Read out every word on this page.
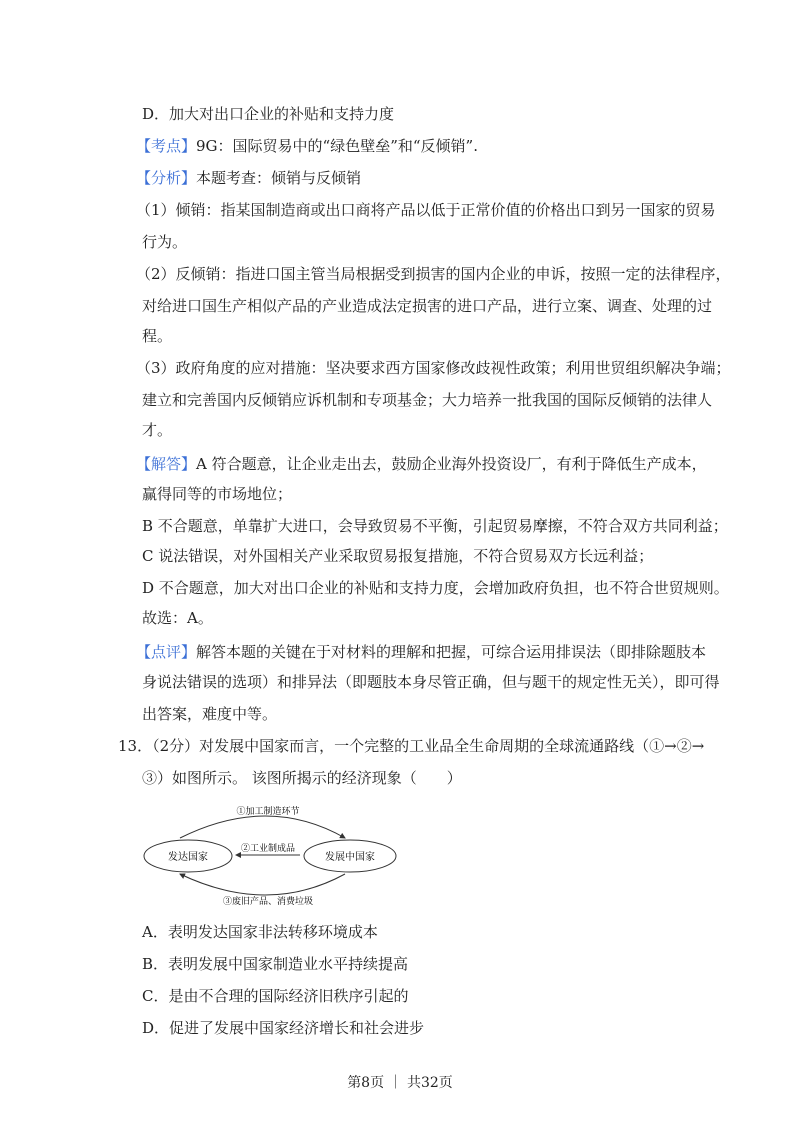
D．加大对出口企业的补贴和支持力度
【考点】9G：国际贸易中的“绿色壁垒”和“反倾销”.
【分析】本题考查：倾销与反倾销
（1）倾销：指某国制造商或出口商将产品以低于正常价值的价格出口到另一国家的贸易
行为。
（2）反倾销：指进口国主管当局根据受到损害的国内企业的申诉，按照一定的法律程序，
对给进口国生产相似产品的产业造成法定损害的进口产品，进行立案、调查、处理的过
程。
（3）政府角度的应对措施：坚决要求西方国家修改歧视性政策；利用世贸组织解决争端；
建立和完善国内反倾销应诉机制和专项基金；大力培养一批我国的国际反倾销的法律人
才。
【解答】A 符合题意，让企业走出去，鼓励企业海外投资设厂，有利于降低生产成本，
赢得同等的市场地位；
B 不合题意，单靠扩大进口，会导致贸易不平衡，引起贸易摩擦，不符合双方共同利益；
C 说法错误，对外国相关产业采取贸易报复措施，不符合贸易双方长远利益；
D 不合题意，加大对出口企业的补贴和支持力度，会增加政府负担，也不符合世贸规则。
故选：A。
【点评】解答本题的关键在于对材料的理解和把握，可综合运用排误法（即排除题肢本
身说法错误的选项）和排异法（即题肢本身尽管正确，但与题干的规定性无关），即可得
出答案，难度中等。
13．（2分）对发展中国家而言，一个完整的工业品全生命周期的全球流通路线（①→②→
③）如图所示。 该图所揭示的经济现象（　　）
发达国家	发展中国家
①加工制造环节
②工业制成品
③废旧产品、消费垃圾
A．表明发达国家非法转移环境成本
B．表明发展中国家制造业水平持续提高
C．是由不合理的国际经济旧秩序引起的
D．促进了发展中国家经济增长和社会进步
第8页 ｜ 共32页
